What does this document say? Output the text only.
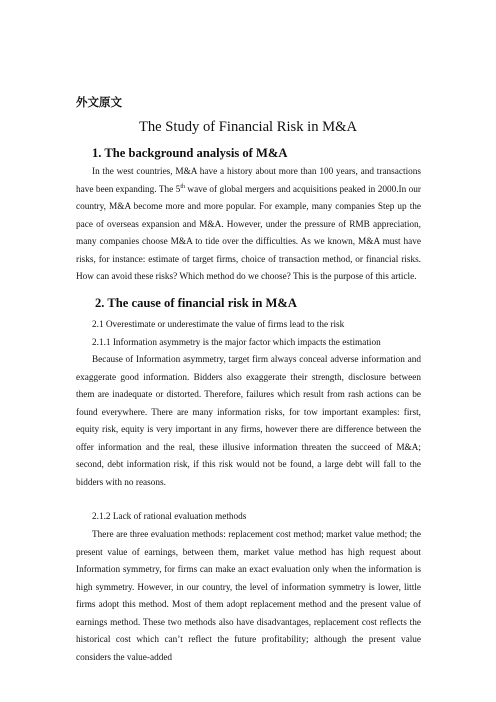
外文原文
The Study of Financial Risk in M&A
1. The background analysis of M&A
In the west countries, M&A have a history about more than 100 years, and transactions have been expanding. The 5th wave of global mergers and acquisitions peaked in 2000.In our country, M&A become more and more popular. For example, many companies Step up the pace of overseas expansion and M&A. However, under the pressure of RMB appreciation, many companies choose M&A to tide over the difficulties. As we known, M&A must have risks, for instance: estimate of target firms, choice of transaction method, or financial risks. How can avoid these risks? Which method do we choose? This is the purpose of this article.
2. The cause of financial risk in M&A
2.1 Overestimate or underestimate the value of firms lead to the risk
2.1.1 Information asymmetry is the major factor which impacts the estimation
Because of Information asymmetry, target firm always conceal adverse information and exaggerate good information. Bidders also exaggerate their strength, disclosure between them are inadequate or distorted. Therefore, failures which result from rash actions can be found everywhere. There are many information risks, for tow important examples: first, equity risk, equity is very important in any firms, however there are difference between the offer information and the real, these illusive information threaten the succeed of M&A; second, debt information risk, if this risk would not be found, a large debt will fall to the bidders with no reasons.
2.1.2 Lack of rational evaluation methods
There are three evaluation methods: replacement cost method; market value method; the present value of earnings, between them, market value method has high request about Information symmetry, for firms can make an exact evaluation only when the information is high symmetry. However, in our country, the level of information symmetry is lower, little firms adopt this method. Most of them adopt replacement method and the present value of earnings method. These two methods also have disadvantages, replacement cost reflects the historical cost which can’t reflect the future profitability; although the present value considers the value-added
